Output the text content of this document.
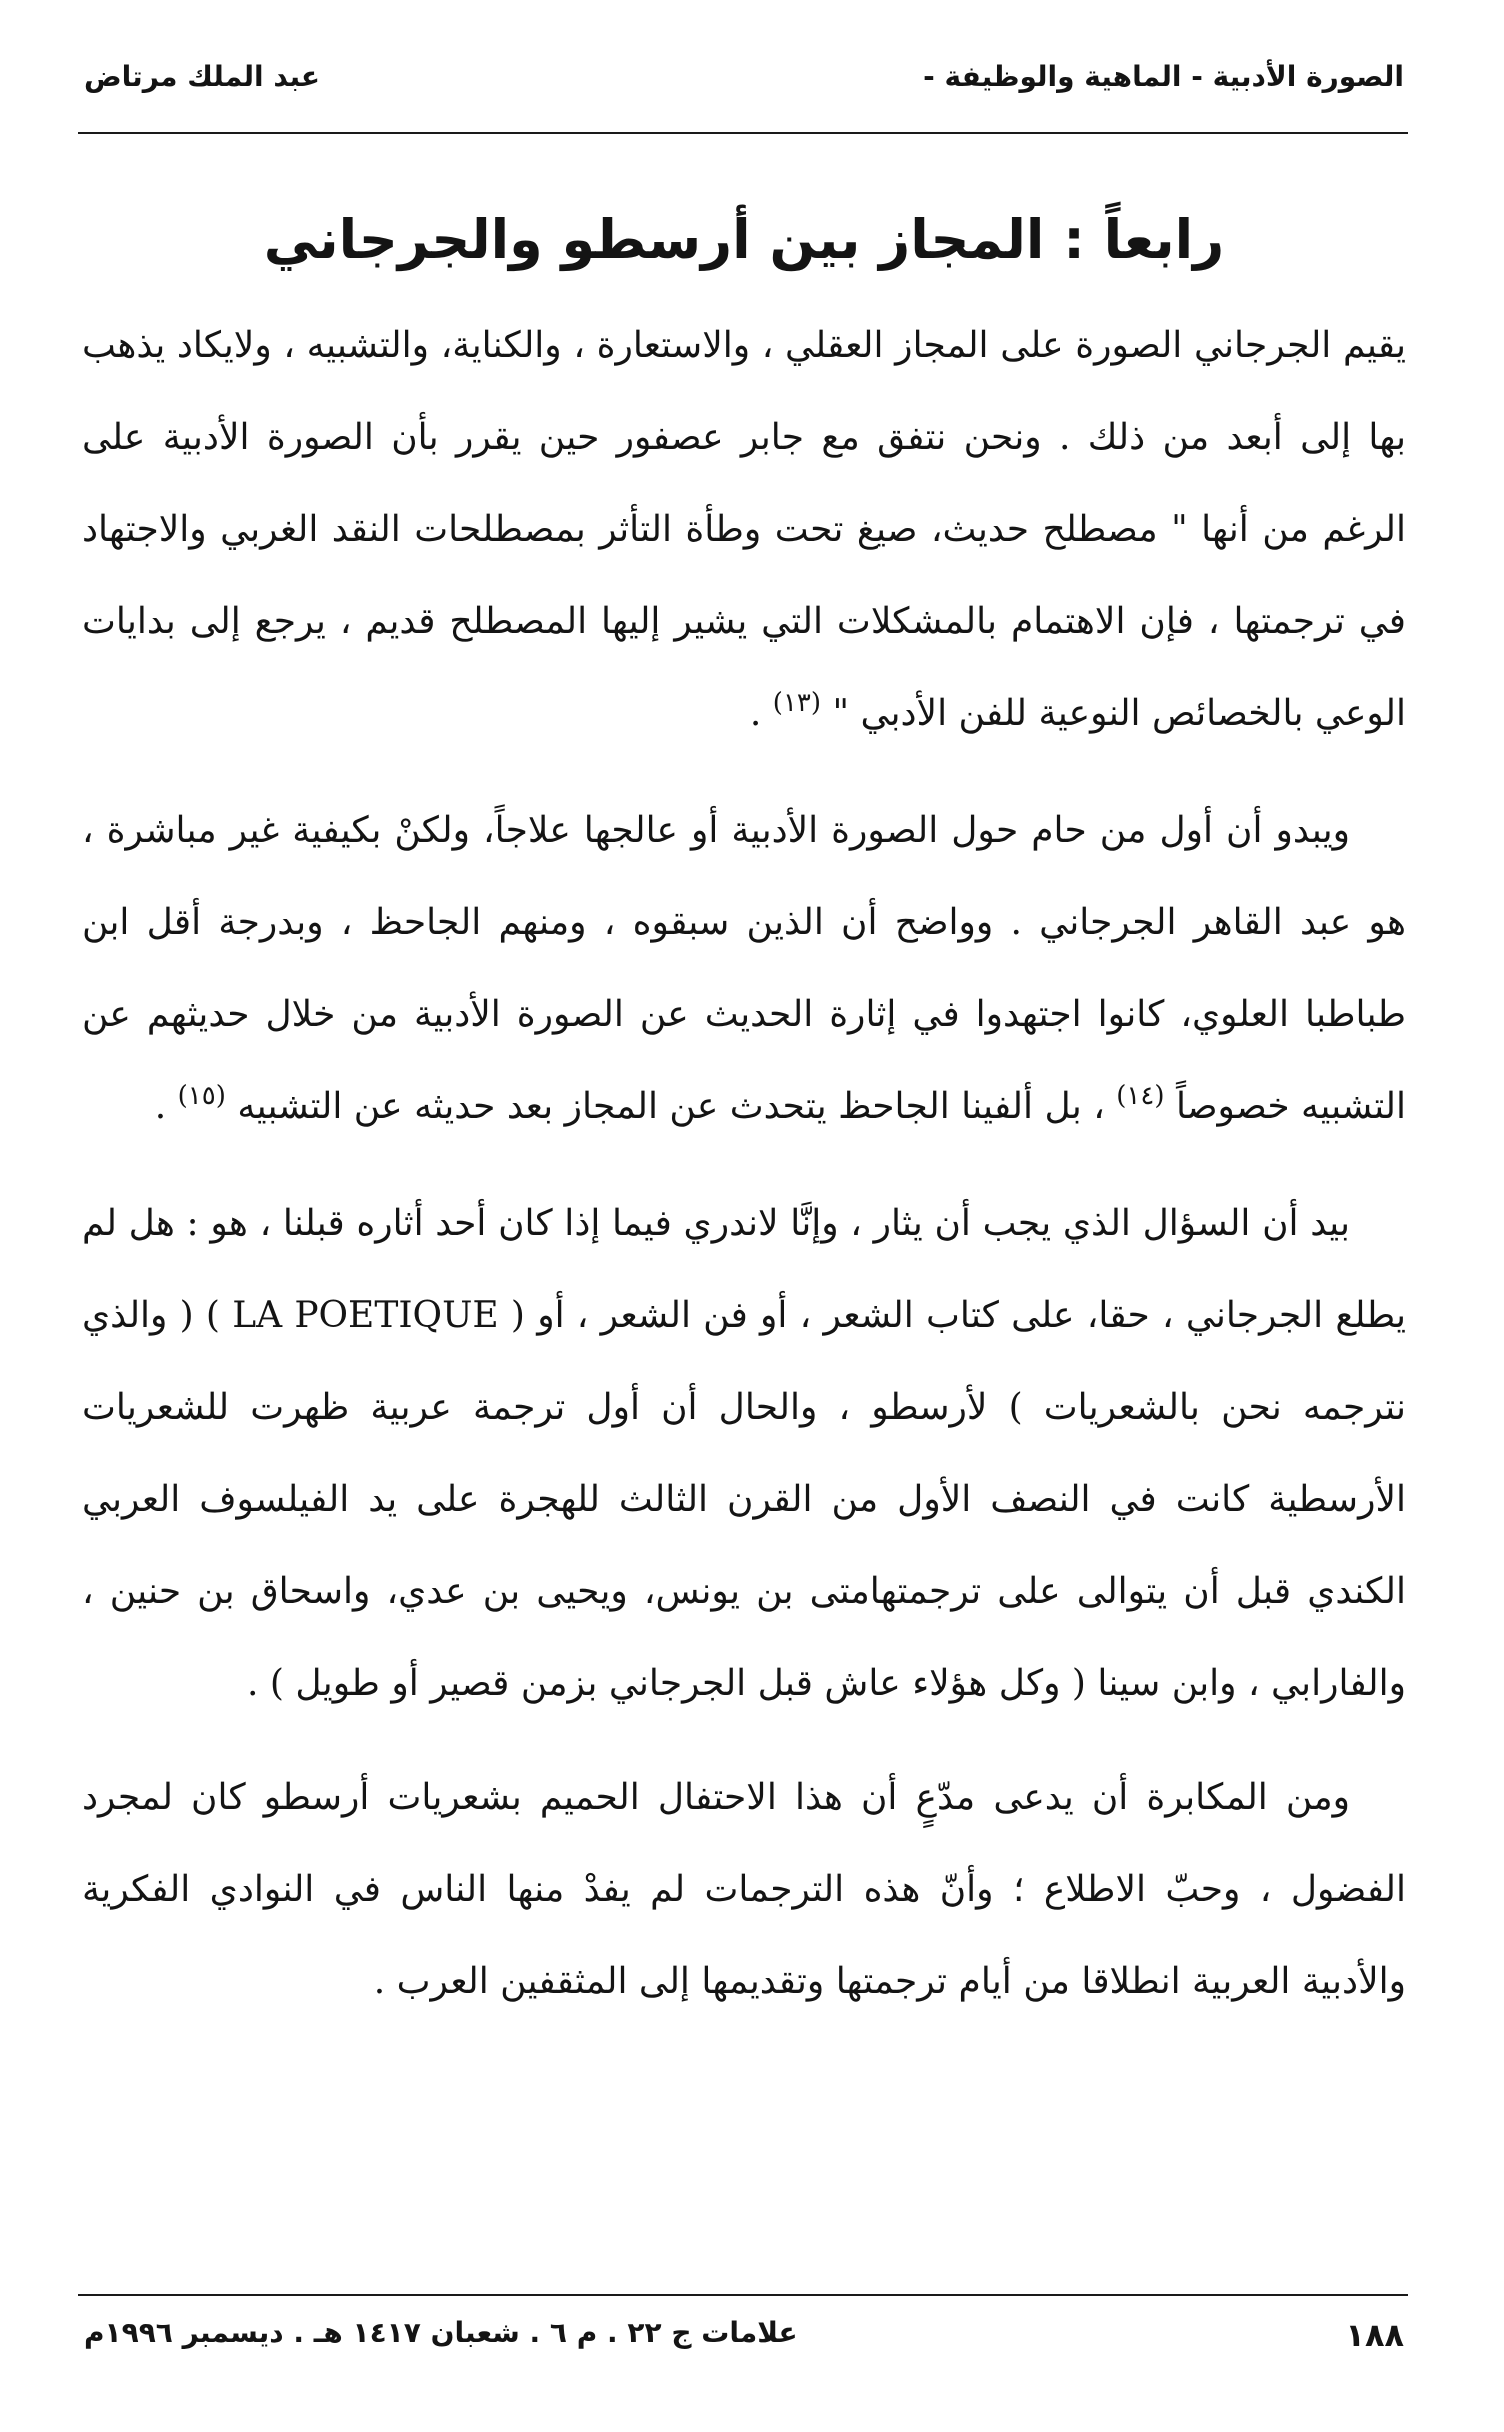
الصورة الأدبية - الماهية والوظيفة -
عبد الملك مرتاض
رابعاً : المجاز بين أرسطو والجرجاني

يقيم الجرجاني الصورة على المجاز العقلي ، والاستعارة ، والكناية، والتشبيه ، ولايكاد يذهب بها إلى أبعد من ذلك . ونحن نتفق مع جابر عصفور حين يقرر بأن الصورة الأدبية على الرغم من أنها " مصطلح حديث، صيغ تحت وطأة التأثر بمصطلحات النقد الغربي والاجتهاد في ترجمتها ، فإن الاهتمام بالمشكلات التي يشير إليها المصطلح قديم ، يرجع إلى بدايات الوعي بالخصائص النوعية للفن الأدبي " $^{(١٣)}$ .

ويبدو أن أول من حام حول الصورة الأدبية أو عالجها علاجاً، ولكنْ بكيفية غير مباشرة ، هو عبد القاهر الجرجاني . وواضح أن الذين سبقوه ، ومنهم الجاحظ ، وبدرجة أقل ابن طباطبا العلوي، كانوا اجتهدوا في إثارة الحديث عن الصورة الأدبية من خلال حديثهم عن التشبيه خصوصاً $^{(١٤)}$ ، بل ألفينا الجاحظ يتحدث عن المجاز بعد حديثه عن التشبيه $^{(١٥)}$ .

بيد أن السؤال الذي يجب أن يثار ، وإنَّا لاندري فيما إذا كان أحد أثاره قبلنا ، هو : هل لم يطلع الجرجاني ، حقا، على كتاب الشعر ، أو فن الشعر ، أو ( LA POETIQUE ) ( والذي نترجمه نحن بالشعريات ) لأرسطو ، والحال أن أول ترجمة عربية ظهرت للشعريات الأرسطية كانت في النصف الأول من القرن الثالث للهجرة على يد الفيلسوف العربي الكندي قبل أن يتوالى على ترجمتهامتى بن يونس، ويحيى بن عدي، واسحاق بن حنين ، والفارابي ، وابن سينا ( وكل هؤلاء عاش قبل الجرجاني بزمن قصير أو طويل ) .

ومن المكابرة أن يدعى مدّعٍ أن هذا الاحتفال الحميم بشعريات أرسطو كان لمجرد الفضول ، وحبّ الاطلاع ؛ وأنّ هذه الترجمات لم يفدْ منها الناس في النوادي الفكرية والأدبية العربية انطلاقا من أيام ترجمتها وتقديمها إلى المثقفين العرب .

١٨٨
علامات ج ٢٢ . م ٦ . شعبان ١٤١٧ هـ . ديسمبر ١٩٩٦م
